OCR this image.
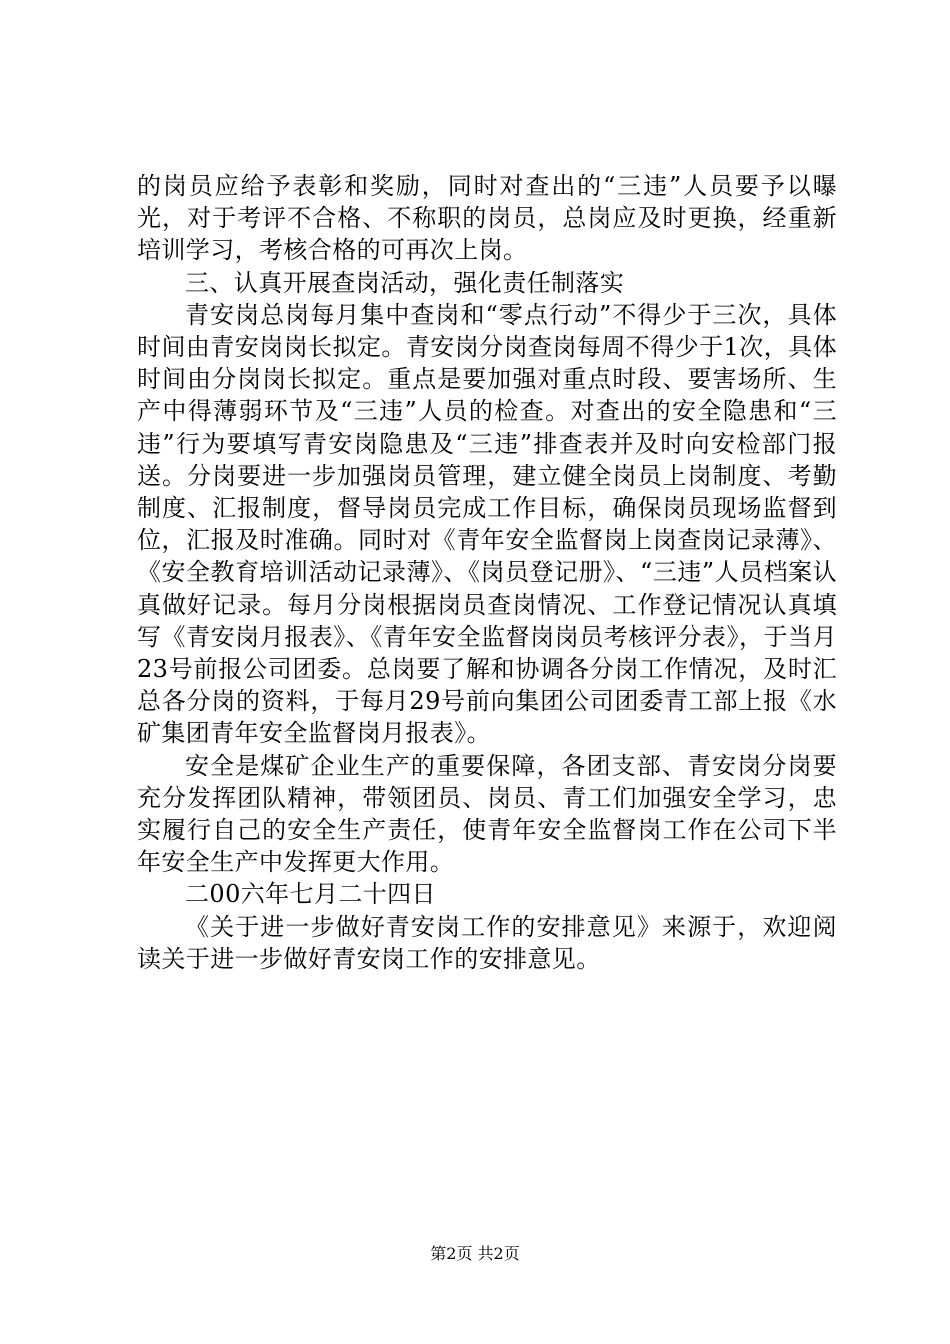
的岗员应给予表彰和奖励，同时对查出的“三违”人员要予以曝光，对于考评不合格、不称职的岗员，总岗应及时更换，经重新培训学习，考核合格的可再次上岗。

三、认真开展查岗活动，强化责任制落实

青安岗总岗每月集中查岗和“零点行动”不得少于三次，具体时间由青安岗岗长拟定。青安岗分岗查岗每周不得少于1次，具体时间由分岗岗长拟定。重点是要加强对重点时段、要害场所、生产中得薄弱环节及“三违”人员的检查。对查出的安全隐患和“三违”行为要填写青安岗隐患及“三违”排查表并及时向安检部门报送。分岗要进一步加强岗员管理，建立健全岗员上岗制度、考勤制度、汇报制度，督导岗员完成工作目标，确保岗员现场监督到位，汇报及时准确。同时对《青年安全监督岗上岗查岗记录薄》、《安全教育培训活动记录薄》、《岗员登记册》、“三违”人员档案认真做好记录。每月分岗根据岗员查岗情况、工作登记情况认真填写《青安岗月报表》、《青年安全监督岗岗员考核评分表》，于当月23号前报公司团委。总岗要了解和协调各分岗工作情况，及时汇总各分岗的资料，于每月29号前向集团公司团委青工部上报《水矿集团青年安全监督岗月报表》。

安全是煤矿企业生产的重要保障，各团支部、青安岗分岗要充分发挥团队精神，带领团员、岗员、青工们加强安全学习，忠实履行自己的安全生产责任，使青年安全监督岗工作在公司下半年安全生产中发挥更大作用。

二00六年七月二十四日

《关于进一步做好青安岗工作的安排意见》来源于，欢迎阅读关于进一步做好青安岗工作的安排意见。

第2页 共2页
